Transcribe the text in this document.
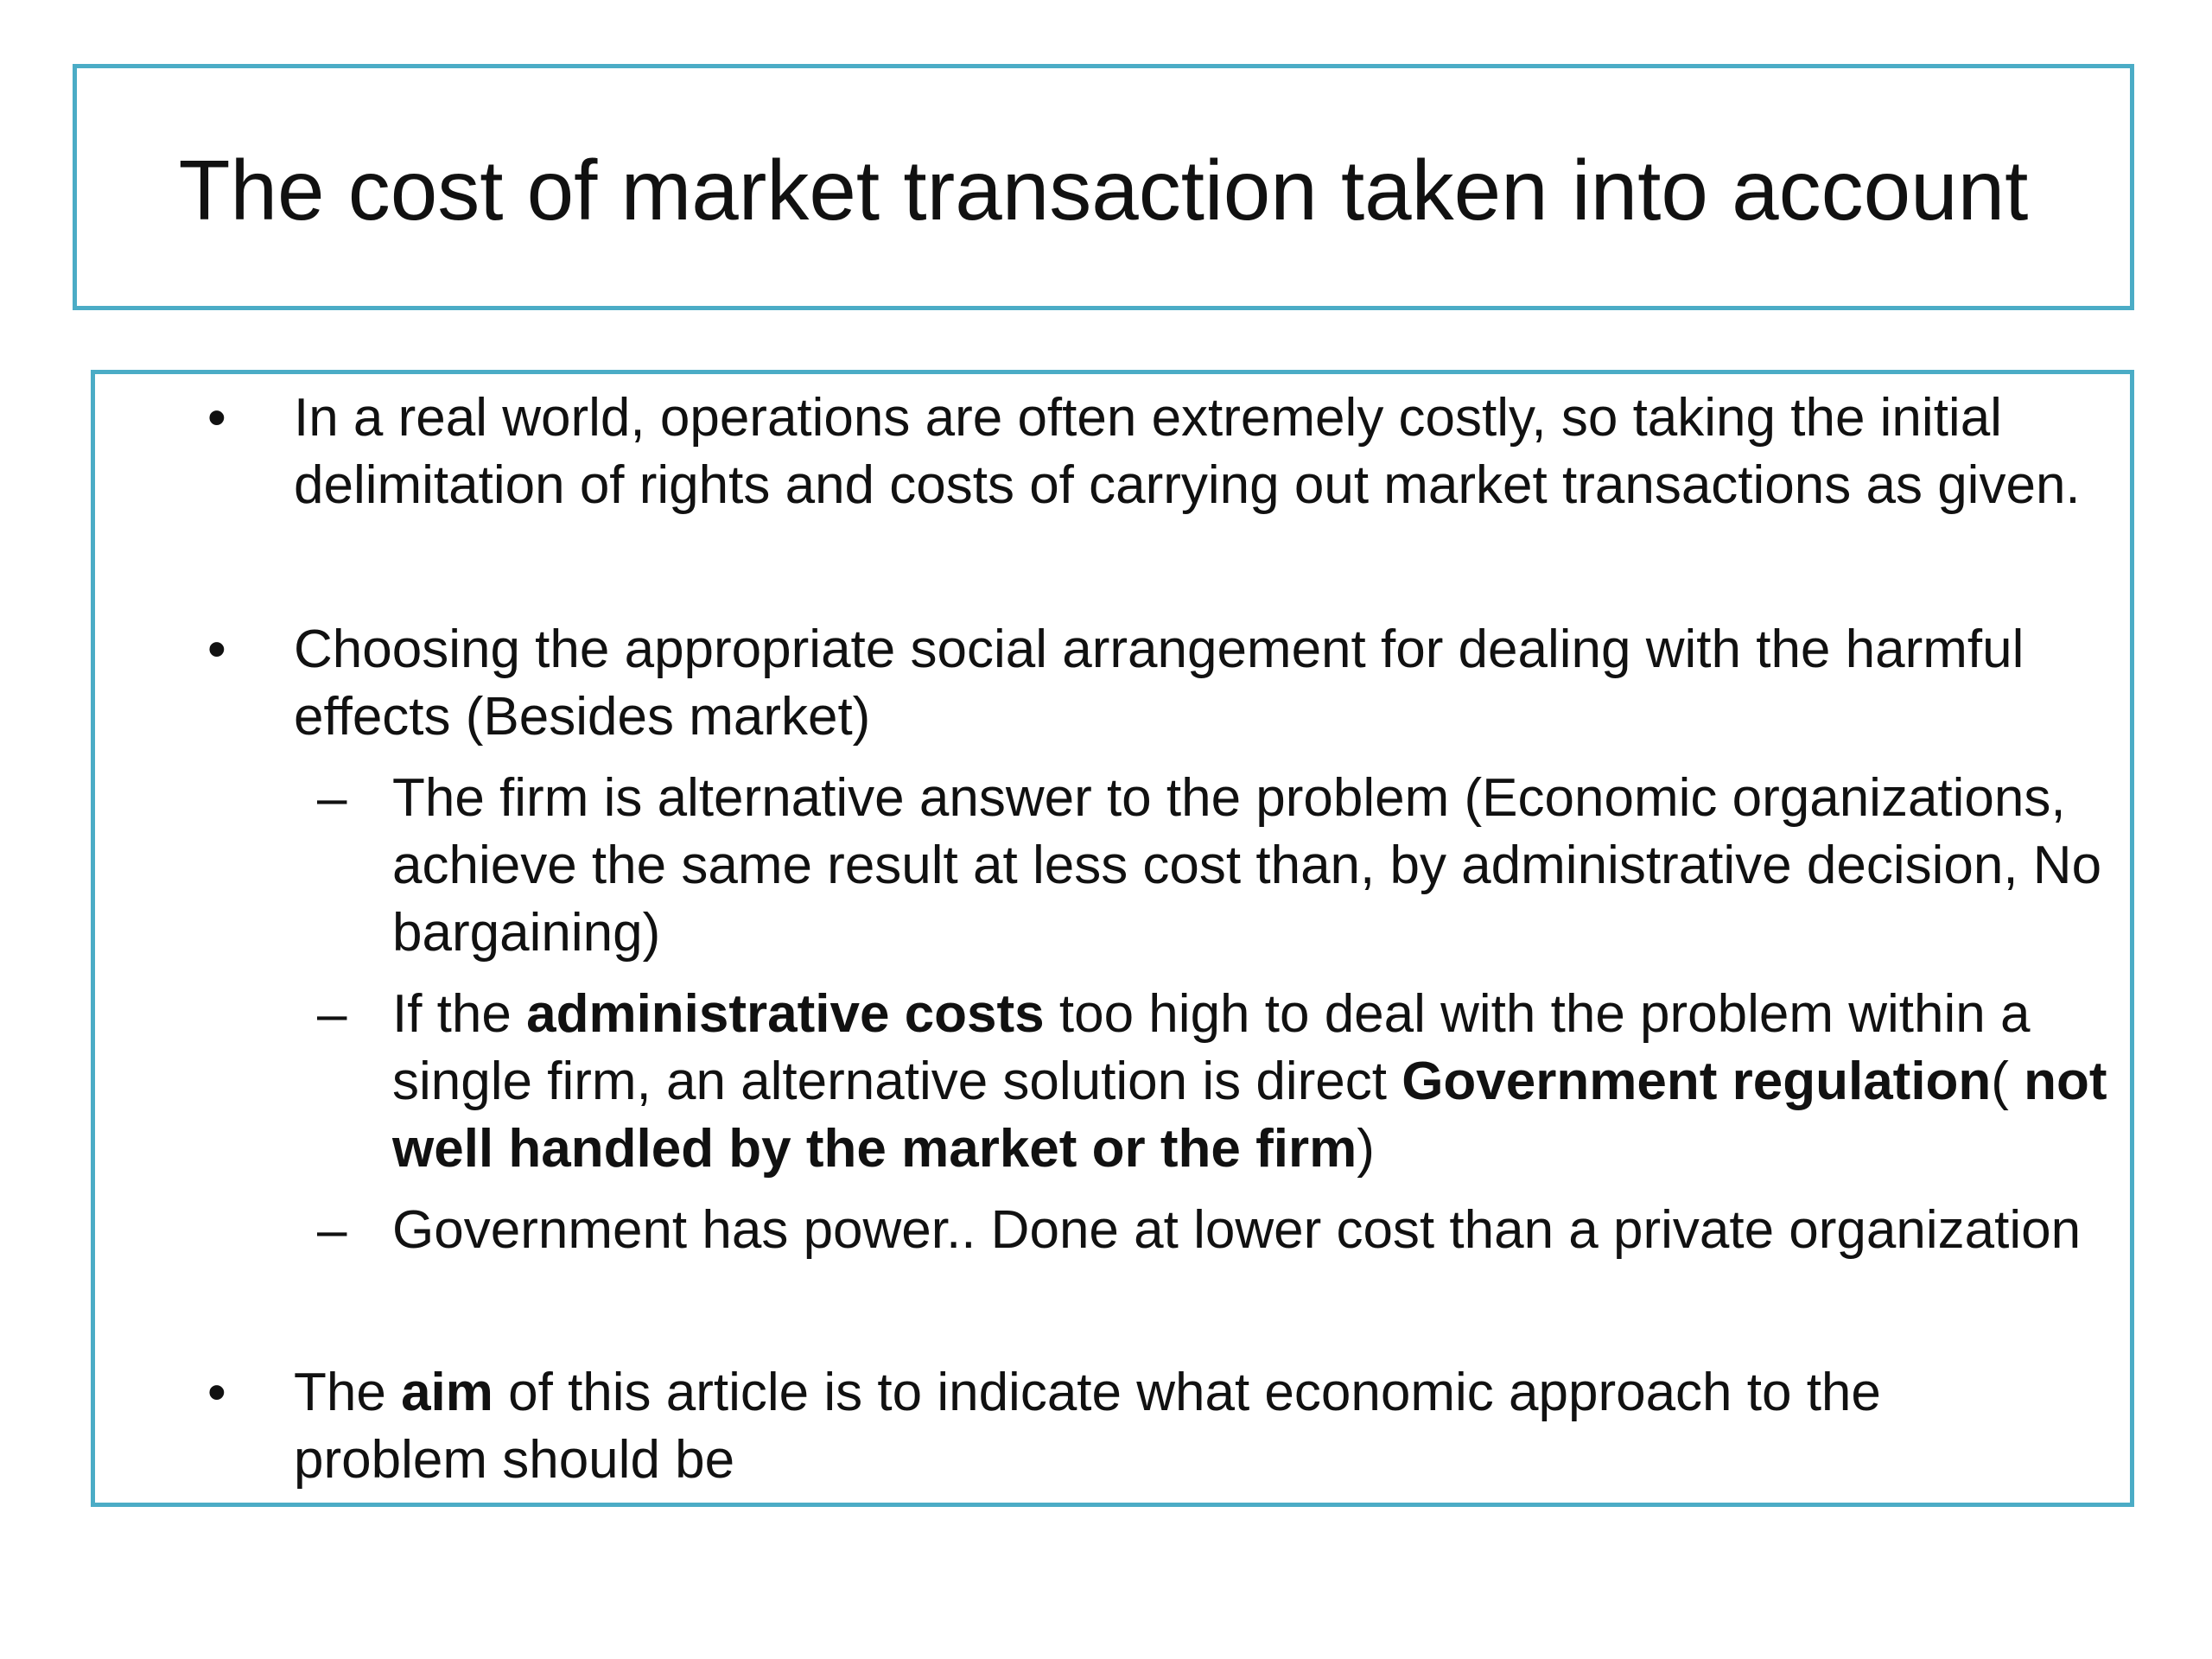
The cost of market transaction taken into account
• In a real world, operations are often extremely costly, so taking the initial
delimitation of rights and costs of carrying out market transactions as given.
• Choosing the appropriate social arrangement for dealing with the harmful
effects (Besides market)
– The firm is alternative answer to the problem (Economic organizations,
achieve the same result at less cost than, by administrative decision, No
bargaining)
– If the administrative costs too high to deal with the problem within a
single firm, an alternative solution is direct Government regulation( not
well handled by the market or the firm)
– Government has power.. Done at lower cost than a private organization
• The aim of this article is to indicate what economic approach to the
problem should be
